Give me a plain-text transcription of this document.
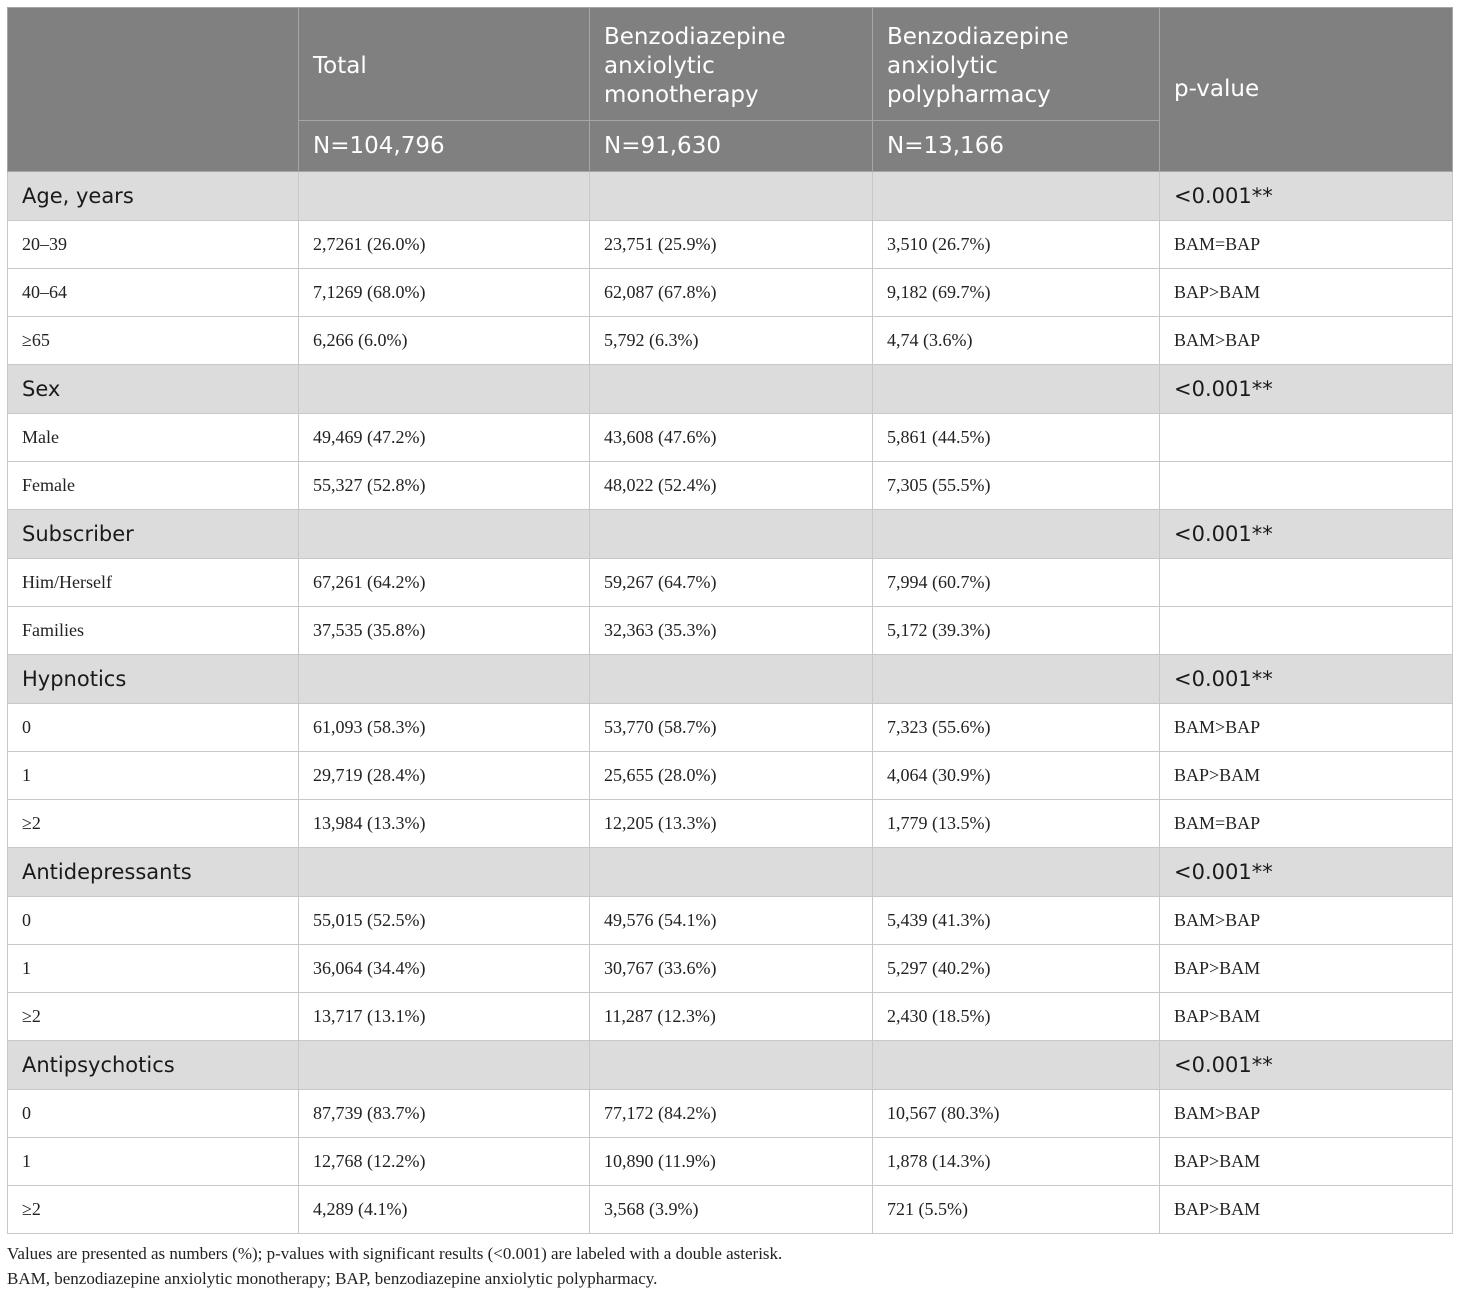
	Total	Benzodiazepine anxiolytic monotherapy	Benzodiazepine anxiolytic polypharmacy	p-value
	N=104,796	N=91,630	N=13,166	
Age, years				<0.001**
20–39	2,7261 (26.0%)	23,751 (25.9%)	3,510 (26.7%)	BAM=BAP
40–64	7,1269 (68.0%)	62,087 (67.8%)	9,182 (69.7%)	BAP>BAM
≥65	6,266 (6.0%)	5,792 (6.3%)	4,74 (3.6%)	BAM>BAP
Sex				<0.001**
Male	49,469 (47.2%)	43,608 (47.6%)	5,861 (44.5%)	
Female	55,327 (52.8%)	48,022 (52.4%)	7,305 (55.5%)	
Subscriber				<0.001**
Him/Herself	67,261 (64.2%)	59,267 (64.7%)	7,994 (60.7%)	
Families	37,535 (35.8%)	32,363 (35.3%)	5,172 (39.3%)	
Hypnotics				<0.001**
0	61,093 (58.3%)	53,770 (58.7%)	7,323 (55.6%)	BAM>BAP
1	29,719 (28.4%)	25,655 (28.0%)	4,064 (30.9%)	BAP>BAM
≥2	13,984 (13.3%)	12,205 (13.3%)	1,779 (13.5%)	BAM=BAP
Antidepressants				<0.001**
0	55,015 (52.5%)	49,576 (54.1%)	5,439 (41.3%)	BAM>BAP
1	36,064 (34.4%)	30,767 (33.6%)	5,297 (40.2%)	BAP>BAM
≥2	13,717 (13.1%)	11,287 (12.3%)	2,430 (18.5%)	BAP>BAM
Antipsychotics				<0.001**
0	87,739 (83.7%)	77,172 (84.2%)	10,567 (80.3%)	BAM>BAP
1	12,768 (12.2%)	10,890 (11.9%)	1,878 (14.3%)	BAP>BAM
≥2	4,289 (4.1%)	3,568 (3.9%)	721 (5.5%)	BAP>BAM
Values are presented as numbers (%); p-values with significant results (<0.001) are labeled with a double asterisk.
BAM, benzodiazepine anxiolytic monotherapy; BAP, benzodiazepine anxiolytic polypharmacy.
